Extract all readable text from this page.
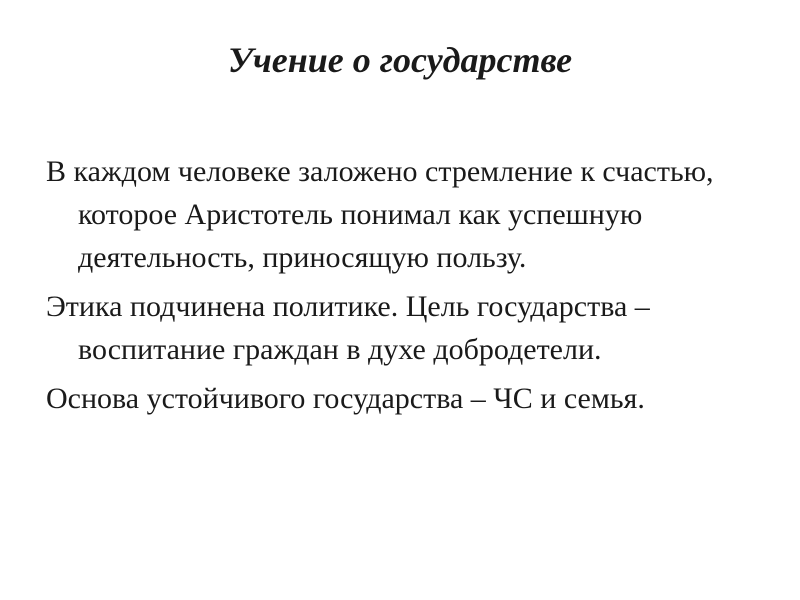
Учение о государстве
В каждом человеке заложено стремление к счастью, которое Аристотель понимал как успешную деятельность, приносящую пользу.
Этика подчинена политике. Цель государства – воспитание граждан в духе добродетели.
Основа устойчивого государства – ЧС и семья.
